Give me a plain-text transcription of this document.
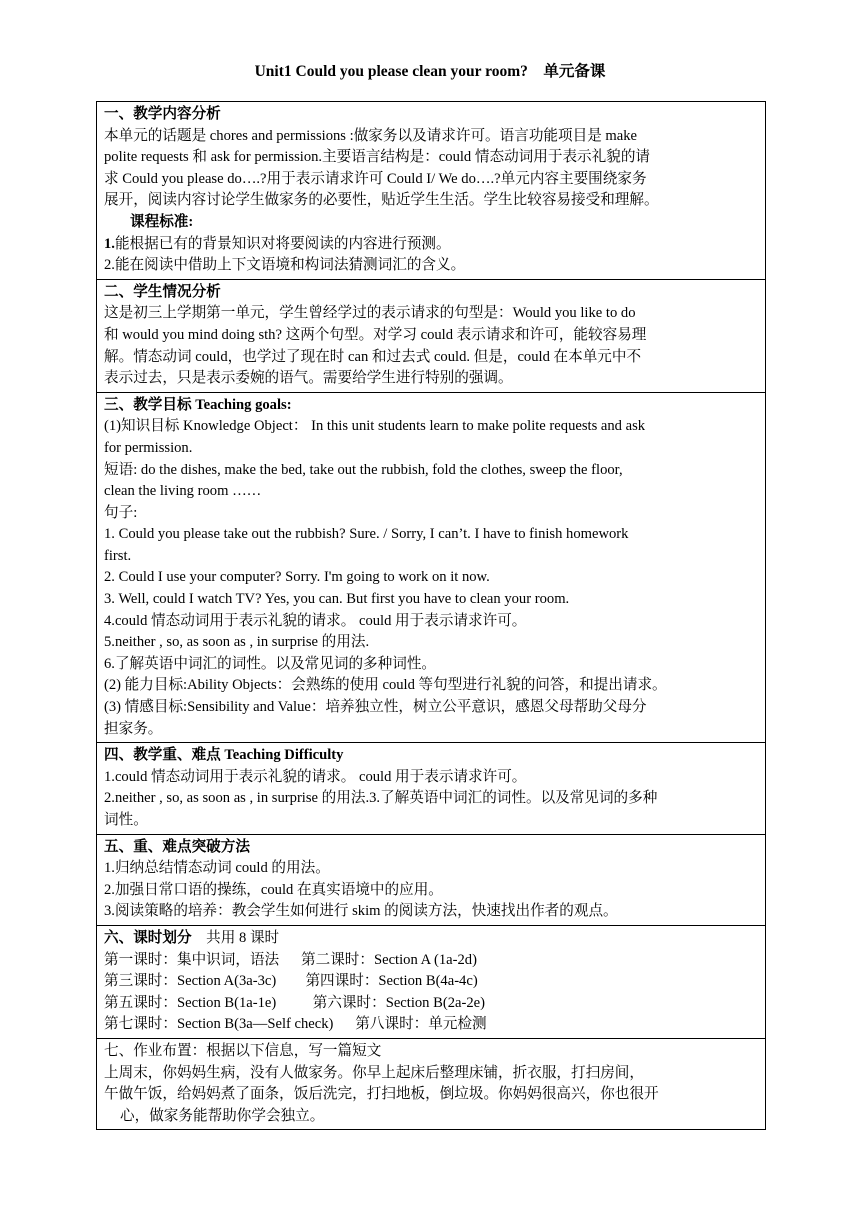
Unit1 Could you please clean your room?    单元备课
一、教学内容分析
本单元的话题是 chores and permissions :做家务以及请求许可。语言功能项目是 make
polite requests 和 ask for permission.主要语言结构是：could 情态动词用于表示礼貌的请
求 Could you please do….?用于表示请求许可 Could I/ We do….?单元内容主要围绕家务
展开，阅读内容讨论学生做家务的必要性，贴近学生生活。学生比较容易接受和理解。
课程标准:
1.能根据已有的背景知识对将要阅读的内容进行预测。
2.能在阅读中借助上下文语境和构词法猜测词汇的含义。
二、学生情况分析
这是初三上学期第一单元，学生曾经学过的表示请求的句型是：Would you like to do
和 would you mind doing sth? 这两个句型。对学习 could 表示请求和许可，能较容易理
解。情态动词 could，也学过了现在时 can 和过去式 could. 但是，could 在本单元中不
表示过去，只是表示委婉的语气。需要给学生进行特别的强调。
三、教学目标 Teaching goals:
(1)知识目标 Knowledge Object： In this unit students learn to make polite requests and ask
for permission.
短语: do the dishes, make the bed, take out the rubbish, fold the clothes, sweep the floor,
clean the living room ……
句子:
1. Could you please take out the rubbish? Sure. / Sorry, I can’t. I have to finish homework
first.
2. Could I use your computer? Sorry. I'm going to work on it now.
3. Well, could I watch TV? Yes, you can. But first you have to clean your room.
4.could 情态动词用于表示礼貌的请求。 could 用于表示请求许可。
5.neither , so, as soon as , in surprise 的用法.
6.了解英语中词汇的词性。以及常见词的多种词性。
(2) 能力目标:Ability Objects：会熟练的使用 could 等句型进行礼貌的问答，和提出请求。
(3) 情感目标:Sensibility and Value：培养独立性，树立公平意识，感恩父母帮助父母分
担家务。
四、教学重、难点 Teaching Difficulty
1.could 情态动词用于表示礼貌的请求。 could 用于表示请求许可。
2.neither , so, as soon as , in surprise 的用法.3.了解英语中词汇的词性。以及常见词的多种
词性。
五、重、难点突破方法
1.归纳总结情态动词 could 的用法。
2.加强日常口语的操练，could 在真实语境中的应用。
3.阅读策略的培养：教会学生如何进行 skim 的阅读方法，快速找出作者的观点。
六、课时划分    共用 8 课时
第一课时：集中识词，语法      第二课时：Section A (1a-2d)
第三课时：Section A(3a-3c)        第四课时：Section B(4a-4c)
第五课时：Section B(1a-1e)          第六课时：Section B(2a-2e)
第七课时：Section B(3a—Self check)      第八课时：单元检测
七、作业布置：根据以下信息，写一篇短文
上周末，你妈妈生病，没有人做家务。你早上起床后整理床铺，折衣服，打扫房间，
午做午饭，给妈妈煮了面条，饭后洗完，打扫地板，倒垃圾。你妈妈很高兴，你也很开
心，做家务能帮助你学会独立。
